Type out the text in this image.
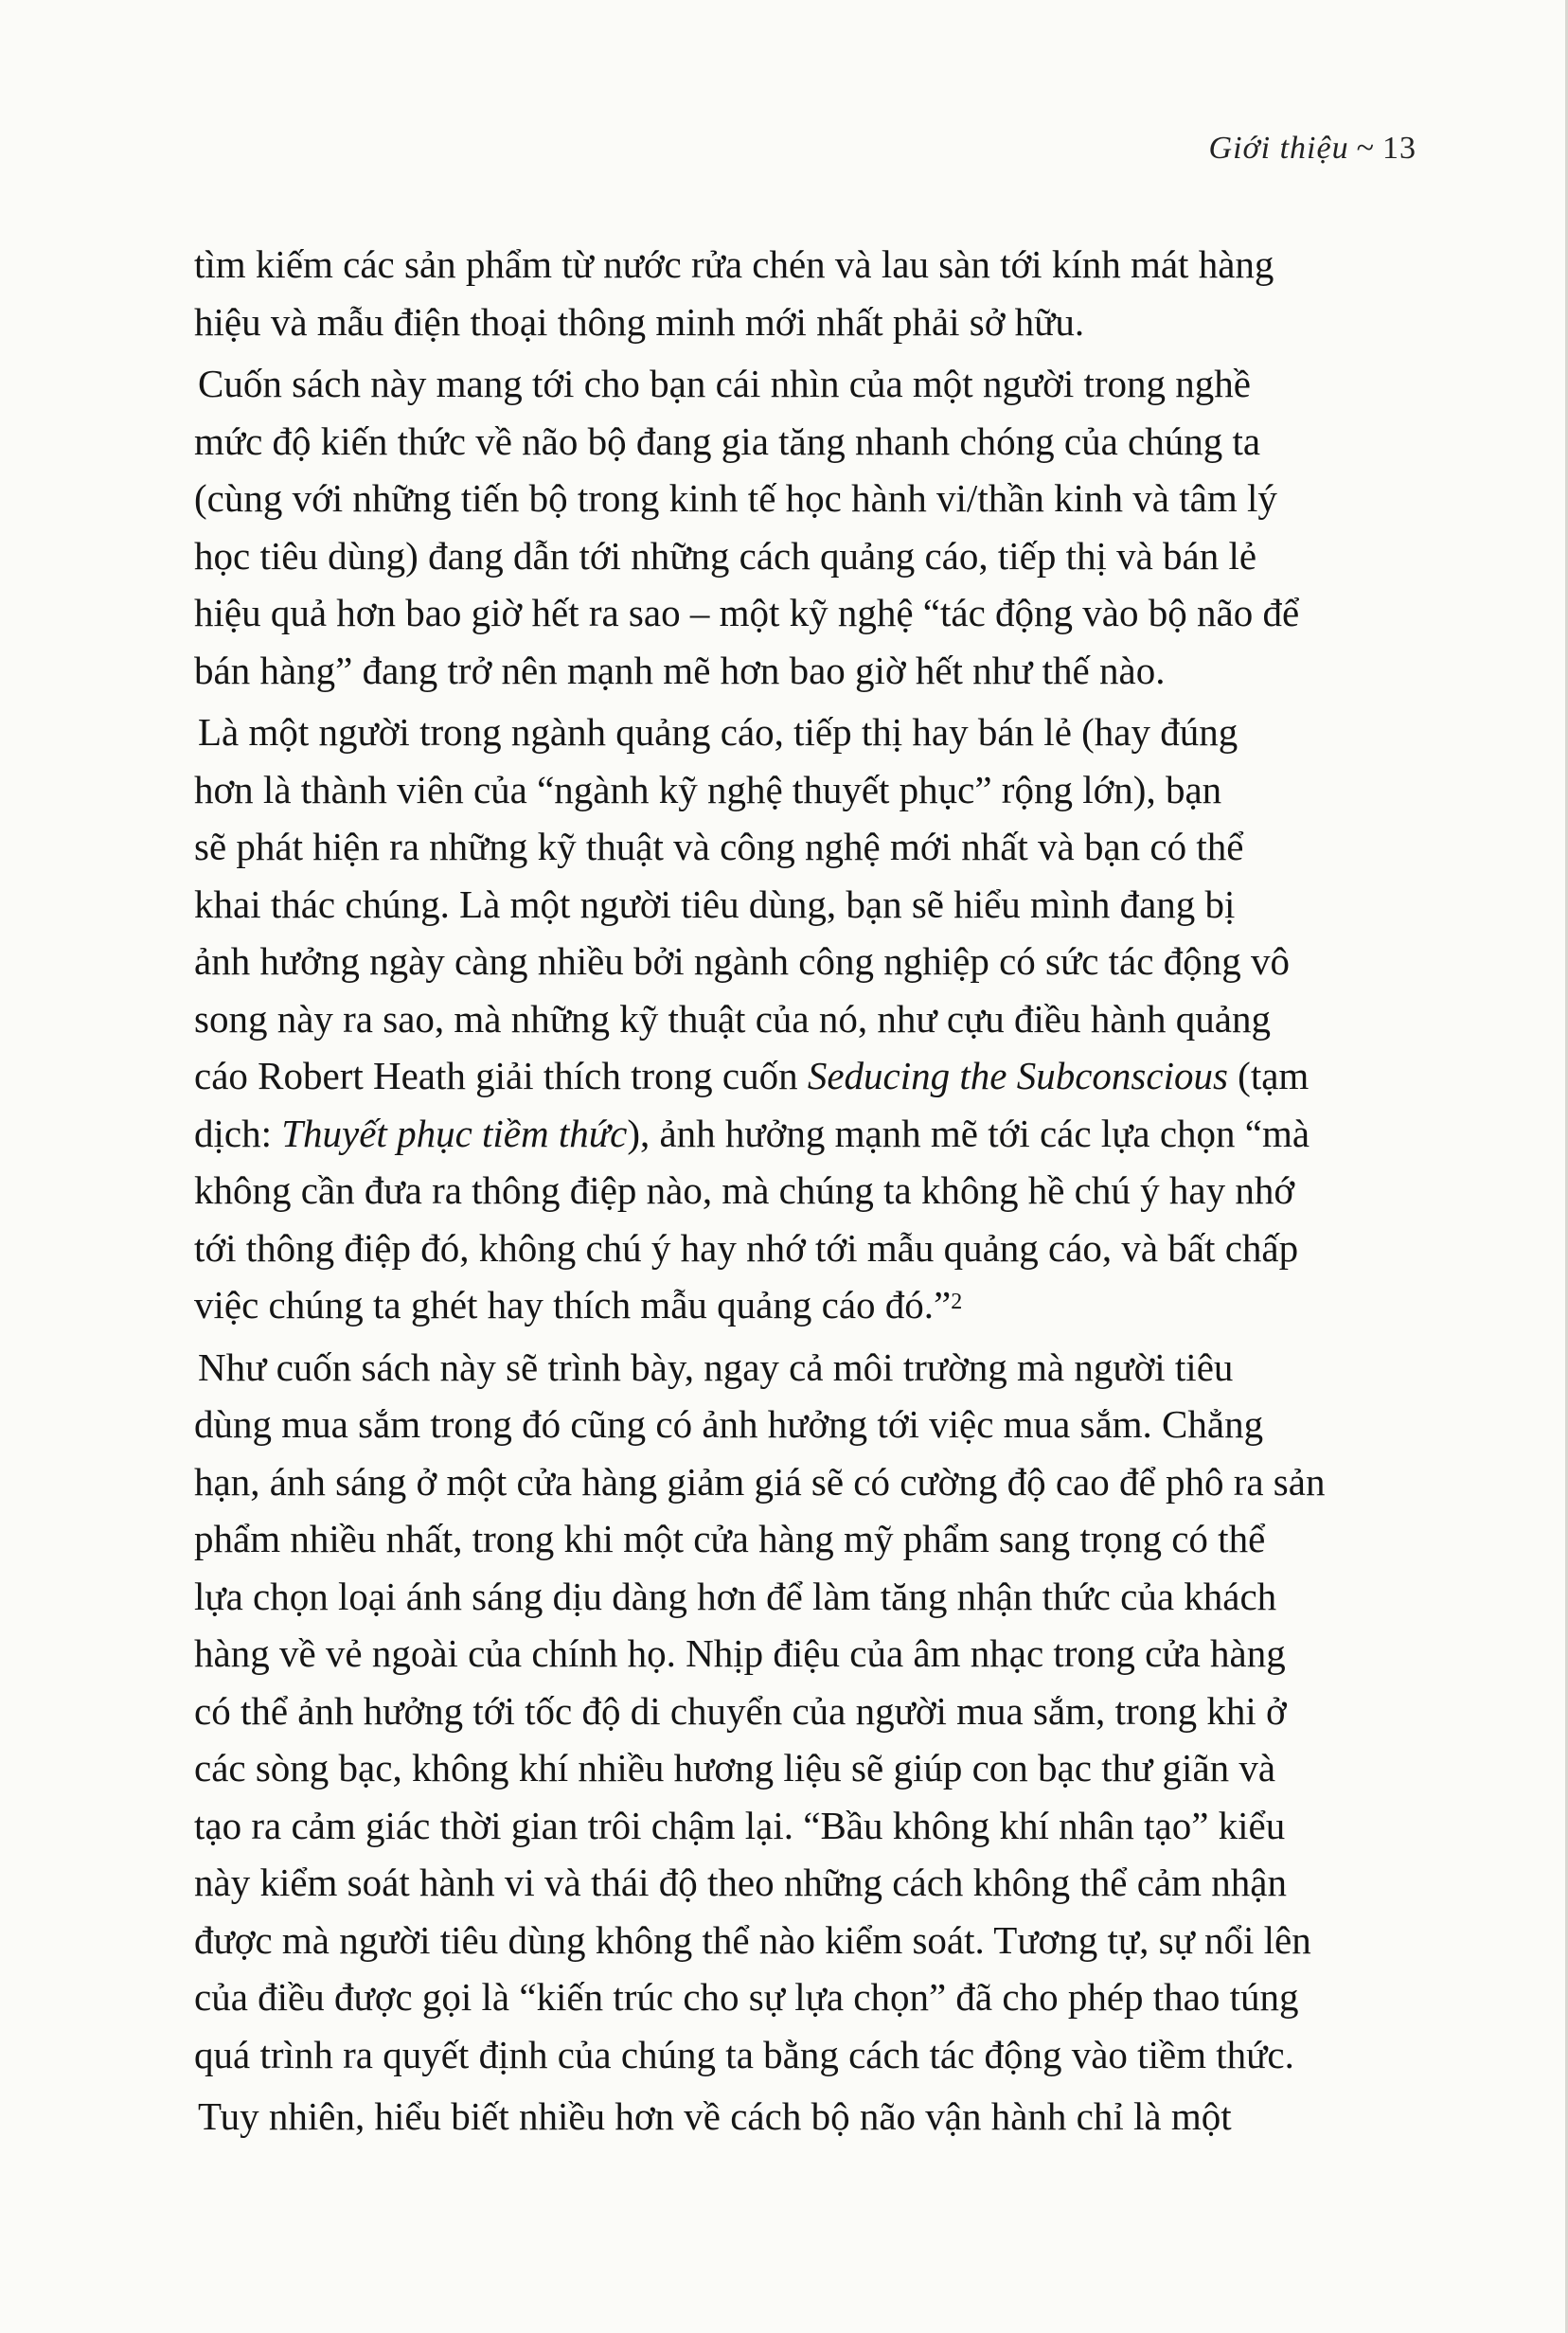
Giới thiệu ~ 13

tìm kiếm các sản phẩm từ nước rửa chén và lau sàn tới kính mát hàng
hiệu và mẫu điện thoại thông minh mới nhất phải sở hữu.

Cuốn sách này mang tới cho bạn cái nhìn của một người trong nghề
mức độ kiến thức về não bộ đang gia tăng nhanh chóng của chúng ta
(cùng với những tiến bộ trong kinh tế học hành vi/thần kinh và tâm lý
học tiêu dùng) đang dẫn tới những cách quảng cáo, tiếp thị và bán lẻ
hiệu quả hơn bao giờ hết ra sao – một kỹ nghệ “tác động vào bộ não để
bán hàng” đang trở nên mạnh mẽ hơn bao giờ hết như thế nào.

Là một người trong ngành quảng cáo, tiếp thị hay bán lẻ (hay đúng
hơn là thành viên của “ngành kỹ nghệ thuyết phục” rộng lớn), bạn
sẽ phát hiện ra những kỹ thuật và công nghệ mới nhất và bạn có thể
khai thác chúng. Là một người tiêu dùng, bạn sẽ hiểu mình đang bị
ảnh hưởng ngày càng nhiều bởi ngành công nghiệp có sức tác động vô
song này ra sao, mà những kỹ thuật của nó, như cựu điều hành quảng
cáo Robert Heath giải thích trong cuốn Seducing the Subconscious (tạm
dịch: Thuyết phục tiềm thức), ảnh hưởng mạnh mẽ tới các lựa chọn “mà
không cần đưa ra thông điệp nào, mà chúng ta không hề chú ý hay nhớ
tới thông điệp đó, không chú ý hay nhớ tới mẫu quảng cáo, và bất chấp
việc chúng ta ghét hay thích mẫu quảng cáo đó.”$^2$

Như cuốn sách này sẽ trình bày, ngay cả môi trường mà người tiêu
dùng mua sắm trong đó cũng có ảnh hưởng tới việc mua sắm. Chẳng
hạn, ánh sáng ở một cửa hàng giảm giá sẽ có cường độ cao để phô ra sản
phẩm nhiều nhất, trong khi một cửa hàng mỹ phẩm sang trọng có thể
lựa chọn loại ánh sáng dịu dàng hơn để làm tăng nhận thức của khách
hàng về vẻ ngoài của chính họ. Nhịp điệu của âm nhạc trong cửa hàng
có thể ảnh hưởng tới tốc độ di chuyển của người mua sắm, trong khi ở
các sòng bạc, không khí nhiều hương liệu sẽ giúp con bạc thư giãn và
tạo ra cảm giác thời gian trôi chậm lại. “Bầu không khí nhân tạo” kiểu
này kiểm soát hành vi và thái độ theo những cách không thể cảm nhận
được mà người tiêu dùng không thể nào kiểm soát. Tương tự, sự nổi lên
của điều được gọi là “kiến trúc cho sự lựa chọn” đã cho phép thao túng
quá trình ra quyết định của chúng ta bằng cách tác động vào tiềm thức.

Tuy nhiên, hiểu biết nhiều hơn về cách bộ não vận hành chỉ là một
